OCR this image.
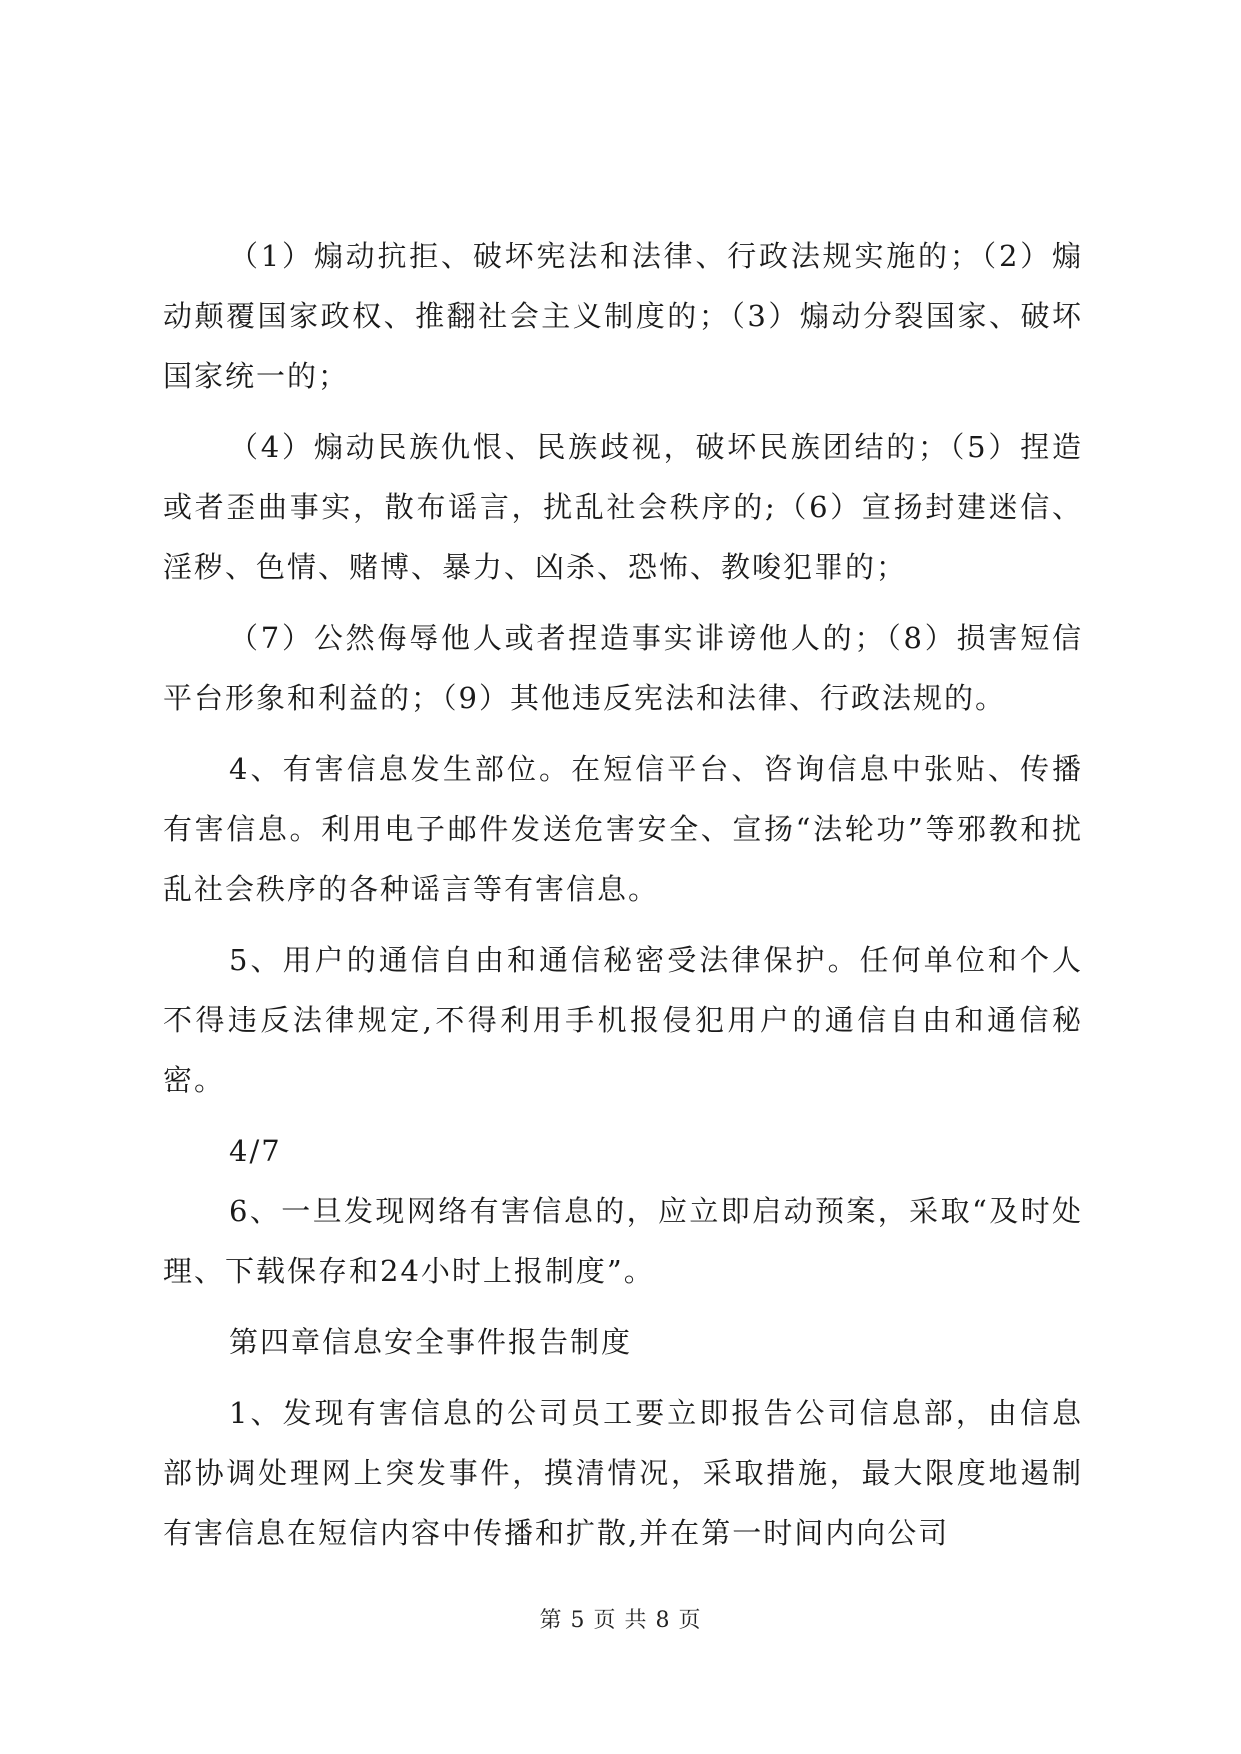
（1）煽动抗拒、破坏宪法和法律、行政法规实施的；（2）煽动颠覆国家政权、推翻社会主义制度的；（3）煽动分裂国家、破坏国家统一的；

（4）煽动民族仇恨、民族歧视，破坏民族团结的；（5）捏造或者歪曲事实，散布谣言，扰乱社会秩序的;（6）宣扬封建迷信、淫秽、色情、赌博、暴力、凶杀、恐怖、教唆犯罪的；

（7）公然侮辱他人或者捏造事实诽谤他人的；（8）损害短信平台形象和利益的；（9）其他违反宪法和法律、行政法规的。

4、有害信息发生部位。在短信平台、咨询信息中张贴、传播有害信息。利用电子邮件发送危害安全、宣扬“法轮功”等邪教和扰乱社会秩序的各种谣言等有害信息。

5、用户的通信自由和通信秘密受法律保护。任何单位和个人不得违反法律规定,不得利用手机报侵犯用户的通信自由和通信秘密。

4/7

6、一旦发现网络有害信息的，应立即启动预案，采取“及时处理、下载保存和24小时上报制度”。

第四章信息安全事件报告制度

1、发现有害信息的公司员工要立即报告公司信息部，由信息部协调处理网上突发事件，摸清情况，采取措施，最大限度地遏制有害信息在短信内容中传播和扩散,并在第一时间内向公司

第 5 页 共 8 页
